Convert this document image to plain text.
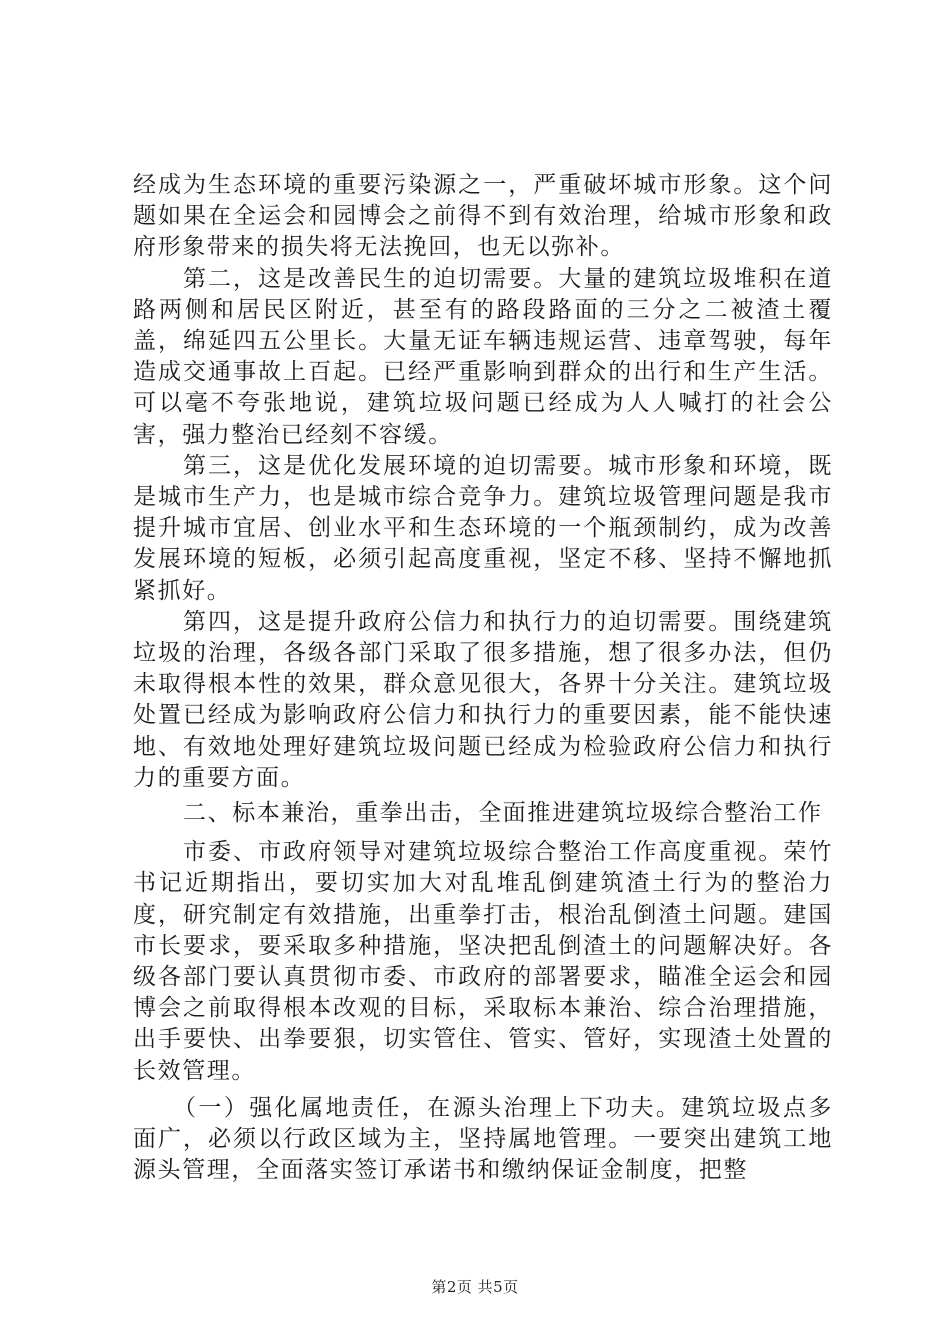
经成为生态环境的重要污染源之一，严重破坏城市形象。这个问题如果在全运会和园博会之前得不到有效治理，给城市形象和政府形象带来的损失将无法挽回，也无以弥补。

第二，这是改善民生的迫切需要。大量的建筑垃圾堆积在道路两侧和居民区附近，甚至有的路段路面的三分之二被渣土覆盖，绵延四五公里长。大量无证车辆违规运营、违章驾驶，每年造成交通事故上百起。已经严重影响到群众的出行和生产生活。可以毫不夸张地说，建筑垃圾问题已经成为人人喊打的社会公害，强力整治已经刻不容缓。

第三，这是优化发展环境的迫切需要。城市形象和环境，既是城市生产力，也是城市综合竞争力。建筑垃圾管理问题是我市提升城市宜居、创业水平和生态环境的一个瓶颈制约，成为改善发展环境的短板，必须引起高度重视，坚定不移、坚持不懈地抓紧抓好。

第四，这是提升政府公信力和执行力的迫切需要。围绕建筑垃圾的治理，各级各部门采取了很多措施，想了很多办法，但仍未取得根本性的效果，群众意见很大，各界十分关注。建筑垃圾处置已经成为影响政府公信力和执行力的重要因素，能不能快速地、有效地处理好建筑垃圾问题已经成为检验政府公信力和执行力的重要方面。

二、标本兼治，重拳出击，全面推进建筑垃圾综合整治工作

市委、市政府领导对建筑垃圾综合整治工作高度重视。荣竹书记近期指出，要切实加大对乱堆乱倒建筑渣土行为的整治力度，研究制定有效措施，出重拳打击，根治乱倒渣土问题。建国市长要求，要采取多种措施，坚决把乱倒渣土的问题解决好。各级各部门要认真贯彻市委、市政府的部署要求，瞄准全运会和园博会之前取得根本改观的目标，采取标本兼治、综合治理措施，出手要快、出拳要狠，切实管住、管实、管好，实现渣土处置的长效管理。

（一）强化属地责任，在源头治理上下功夫。建筑垃圾点多面广，必须以行政区域为主，坚持属地管理。一要突出建筑工地源头管理，全面落实签订承诺书和缴纳保证金制度，把整

第2页 共5页
